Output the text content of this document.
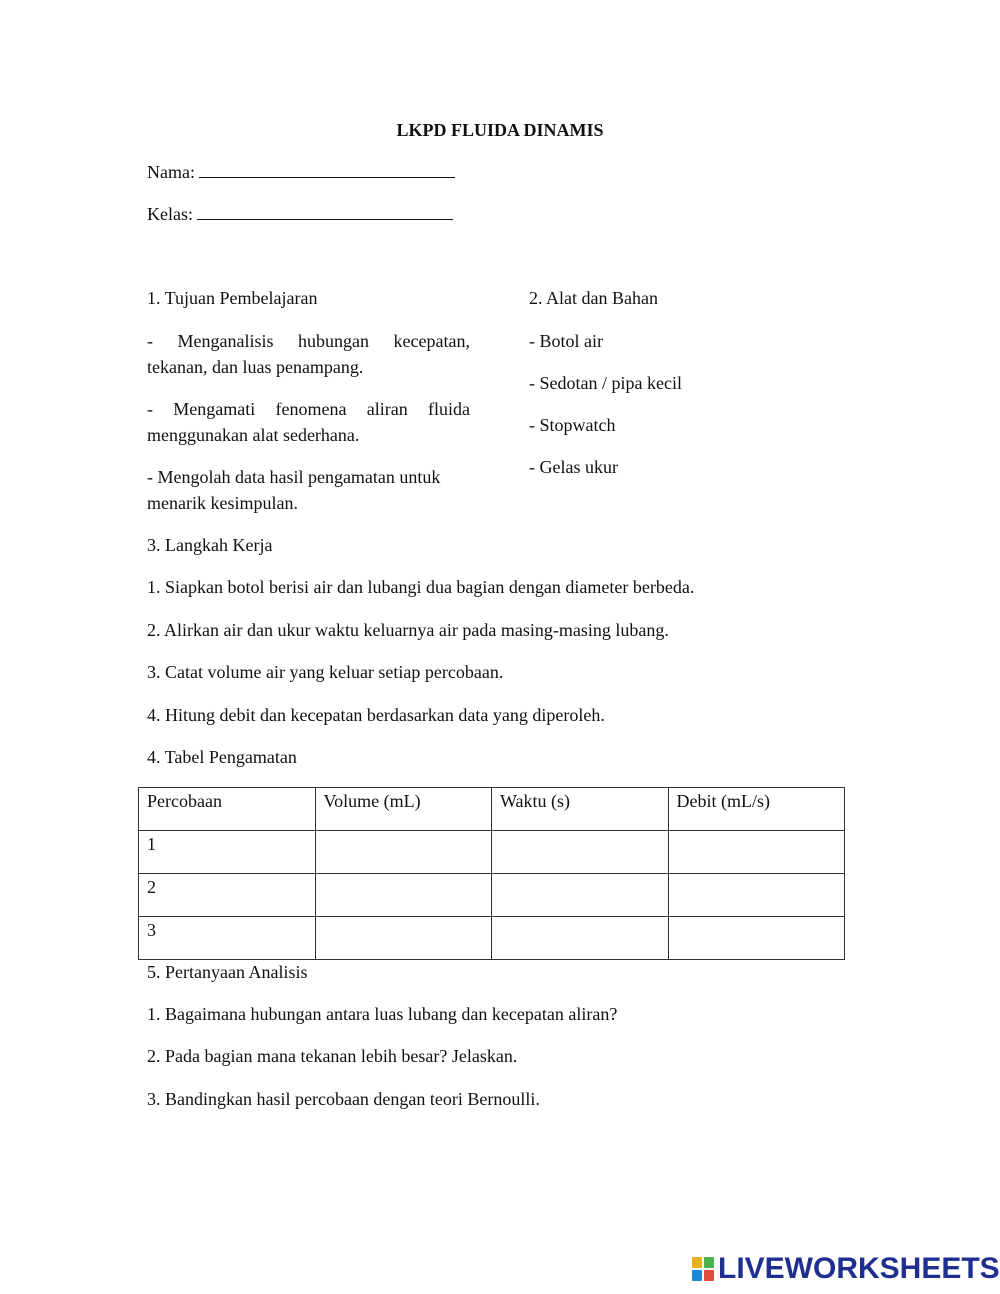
LKPD FLUIDA DINAMIS
Nama:
Kelas:
1. Tujuan Pembelajaran
- Menganalisis hubungan kecepatan, tekanan, dan luas penampang.
- Mengamati fenomena aliran fluida menggunakan alat sederhana.
- Mengolah data hasil pengamatan untuk menarik kesimpulan.
2. Alat dan Bahan
- Botol air
- Sedotan / pipa kecil
- Stopwatch
- Gelas ukur
3. Langkah Kerja
1. Siapkan botol berisi air dan lubangi dua bagian dengan diameter berbeda.
2. Alirkan air dan ukur waktu keluarnya air pada masing-masing lubang.
3. Catat volume air yang keluar setiap percobaan.
4. Hitung debit dan kecepatan berdasarkan data yang diperoleh.
4. Tabel Pengamatan
Percobaan	Volume (mL)	Waktu (s)	Debit (mL/s)
1			
2			
3			
5. Pertanyaan Analisis
1. Bagaimana hubungan antara luas lubang dan kecepatan aliran?
2. Pada bagian mana tekanan lebih besar? Jelaskan.
3. Bandingkan hasil percobaan dengan teori Bernoulli.
LIVEWORKSHEETS
